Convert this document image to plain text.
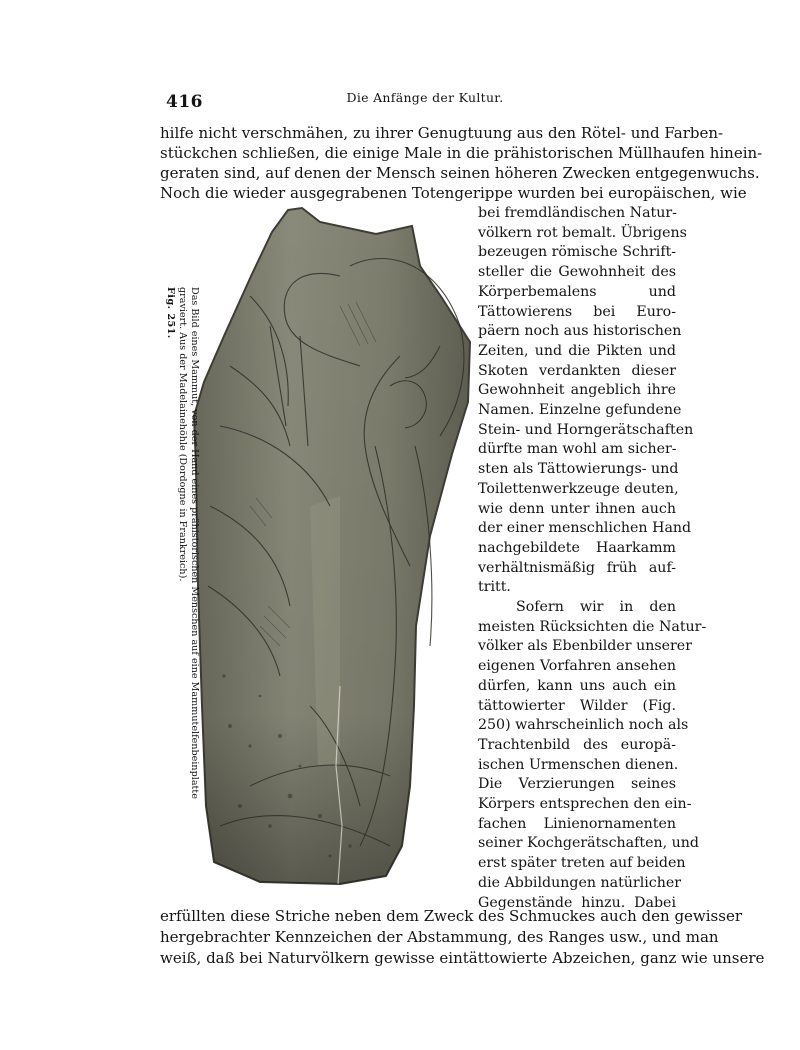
416	Die Anfänge der Kultur.
hilfe nicht verschmähen, zu ihrer Genugtuung aus den Rötel- und Farben-
stückchen schließen, die einige Male in die prähistorischen Müllhaufen hinein-
geraten sind, auf denen der Mensch seinen höheren Zwecken entgegenwuchs.
Noch die wieder ausgegrabenen Totengerippe wurden bei europäischen, wie
Das Bild eines Mammut, von der Hand eines prähistorischen Menschen auf eine Mammutelfenbeinplatte
graviert. Aus der Madelainehöhle (Dordogne in Frankreich).
Fig. 251.
bei fremdländischen Natur-
völkern rot bemalt. Übrigens
bezeugen römische Schrift-
steller die Gewohnheit des
Körperbemalens und
Tättowierens bei Euro-
päern noch aus historischen
Zeiten, und die Pikten und
Skoten verdankten dieser
Gewohnheit angeblich ihre
Namen. Einzelne gefundene
Stein- und Horngerätschaften
dürfte man wohl am sicher-
sten als Tättowierungs- und
Toilettenwerkzeuge deuten,
wie denn unter ihnen auch
der einer menschlichen Hand
nachgebildete Haarkamm
verhältnismäßig früh auf-
tritt.
Sofern wir in den
meisten Rücksichten die Natur-
völker als Ebenbilder unserer
eigenen Vorfahren ansehen
dürfen, kann uns auch ein
tättowierter Wilder (Fig.
250) wahrscheinlich noch als
Trachtenbild des europä-
ischen Urmenschen dienen.
Die Verzierungen seines
Körpers entsprechen den ein-
fachen Linienornamenten
seiner Kochgerätschaften, und
erst später treten auf beiden
die Abbildungen natürlicher
Gegenstände hinzu. Dabei
erfüllten diese Striche neben dem Zweck des Schmuckes auch den gewisser
hergebrachter Kennzeichen der Abstammung, des Ranges usw., und man
weiß, daß bei Naturvölkern gewisse eintättowierte Abzeichen, ganz wie unsere
